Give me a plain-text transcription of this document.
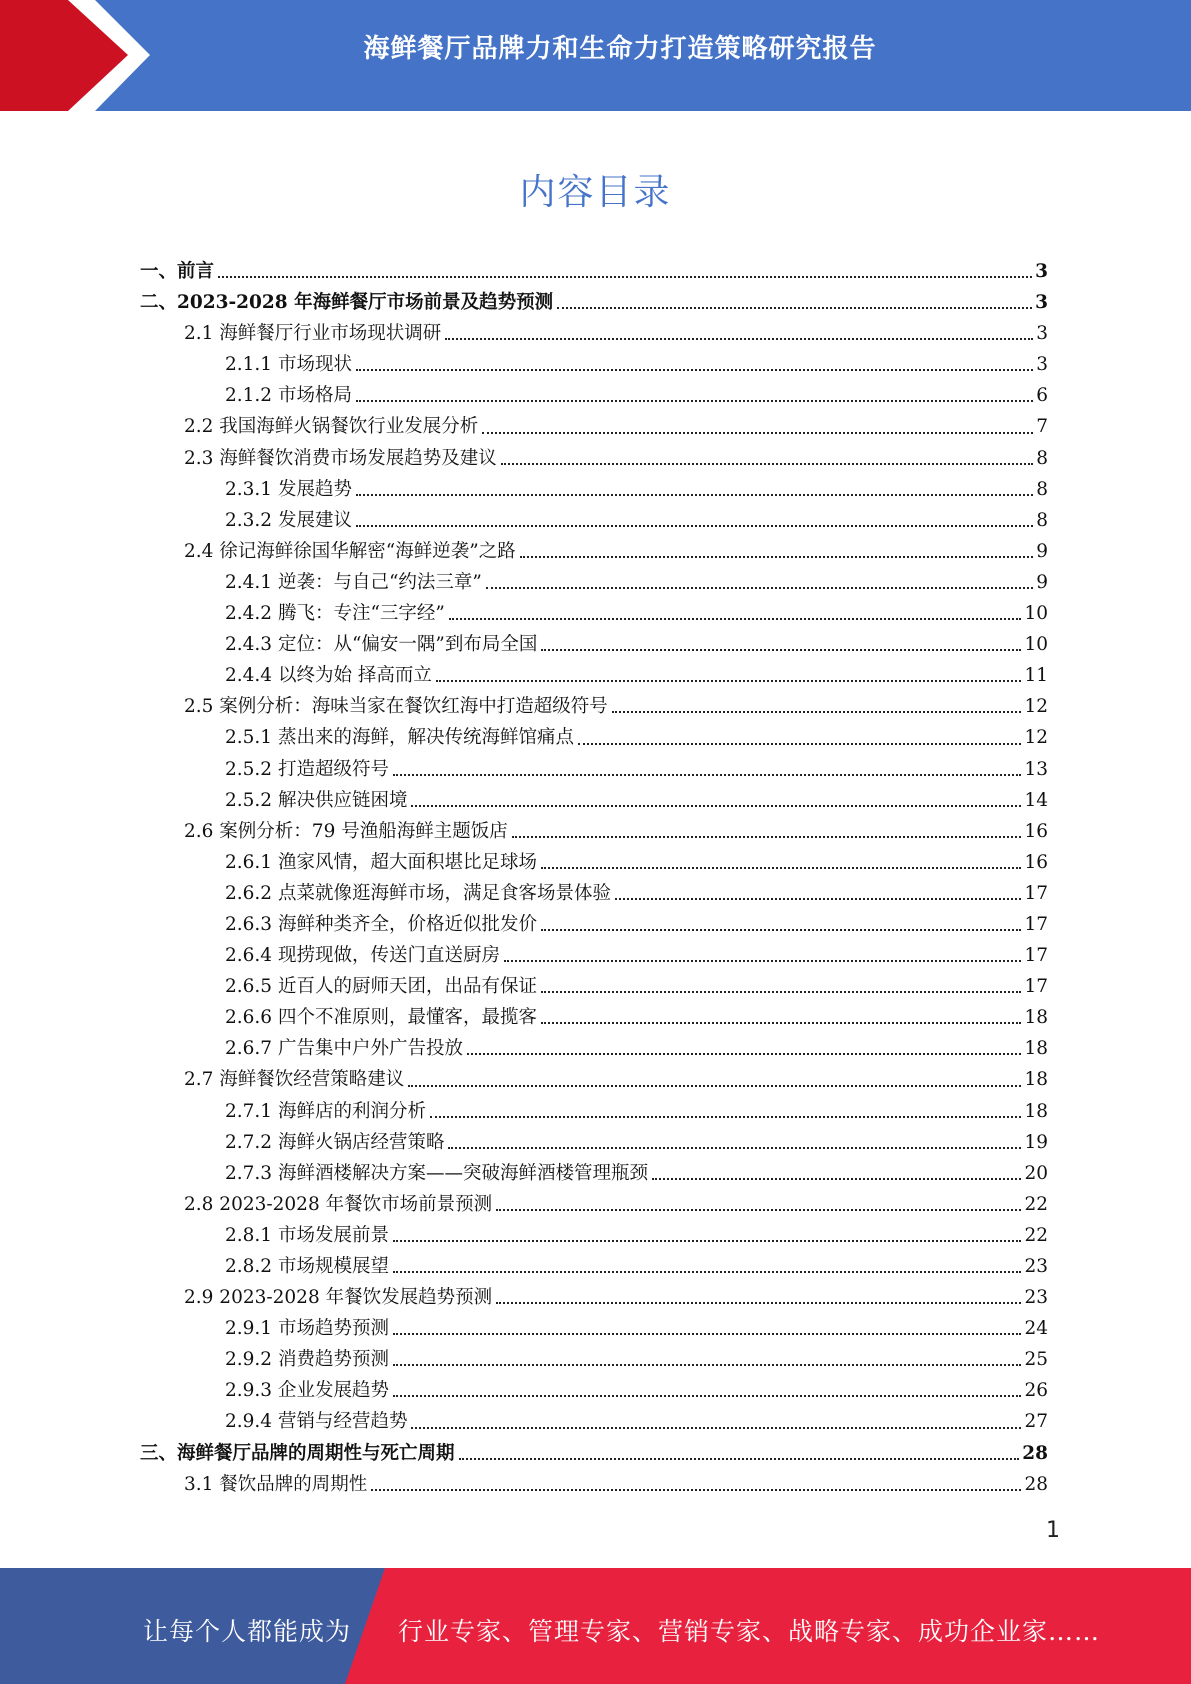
海鲜餐厅品牌力和生命力打造策略研究报告
内容目录
一、前言	3
二、2023-2028 年海鲜餐厅市场前景及趋势预测	3
2.1 海鲜餐厅行业市场现状调研	3
2.1.1 市场现状	3
2.1.2 市场格局	6
2.2 我国海鲜火锅餐饮行业发展分析	7
2.3 海鲜餐饮消费市场发展趋势及建议	8
2.3.1 发展趋势	8
2.3.2 发展建议	8
2.4 徐记海鲜徐国华解密“海鲜逆袭”之路	9
2.4.1 逆袭：与自己“约法三章”	9
2.4.2 腾飞：专注“三字经”	10
2.4.3 定位：从“偏安一隅”到布局全国	10
2.4.4 以终为始 择高而立	11
2.5 案例分析：海味当家在餐饮红海中打造超级符号	12
2.5.1 蒸出来的海鲜，解决传统海鲜馆痛点	12
2.5.2 打造超级符号	13
2.5.2 解决供应链困境	14
2.6 案例分析：79 号渔船海鲜主题饭店	16
2.6.1 渔家风情，超大面积堪比足球场	16
2.6.2 点菜就像逛海鲜市场，满足食客场景体验	17
2.6.3 海鲜种类齐全，价格近似批发价	17
2.6.4 现捞现做，传送门直送厨房	17
2.6.5 近百人的厨师天团，出品有保证	17
2.6.6 四个不准原则，最懂客，最揽客	18
2.6.7 广告集中户外广告投放	18
2.7 海鲜餐饮经营策略建议	18
2.7.1 海鲜店的利润分析	18
2.7.2 海鲜火锅店经营策略	19
2.7.3 海鲜酒楼解决方案——突破海鲜酒楼管理瓶颈	20
2.8 2023-2028 年餐饮市场前景预测	22
2.8.1 市场发展前景	22
2.8.2 市场规模展望	23
2.9 2023-2028 年餐饮发展趋势预测	23
2.9.1 市场趋势预测	24
2.9.2 消费趋势预测	25
2.9.3 企业发展趋势	26
2.9.4 营销与经营趋势	27
三、海鲜餐厅品牌的周期性与死亡周期	28
3.1 餐饮品牌的周期性	28
1
让每个人都能成为 行业专家、管理专家、营销专家、战略专家、成功企业家……
